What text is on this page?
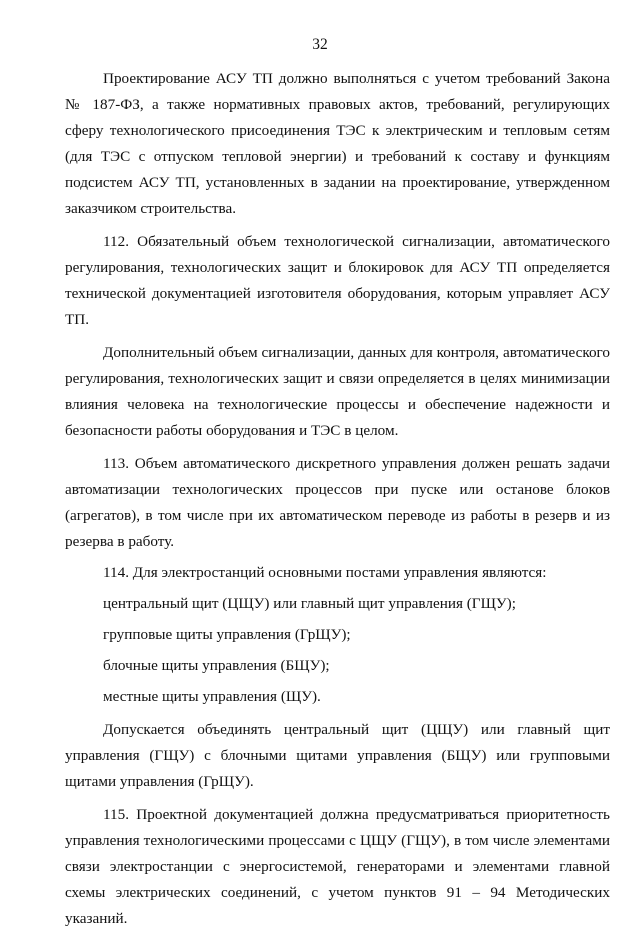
32

Проектирование АСУ ТП должно выполняться с учетом требований Закона № 187-ФЗ, а также нормативных правовых актов, требований, регулирующих сферу технологического присоединения ТЭС к электрическим и тепловым сетям (для ТЭС с отпуском тепловой энергии) и требований к составу и функциям подсистем АСУ ТП, установленных в задании на проектирование, утвержденном заказчиком строительства.

112. Обязательный объем технологической сигнализации, автоматического регулирования, технологических защит и блокировок для АСУ ТП определяется технической документацией изготовителя оборудования, которым управляет АСУ ТП.

Дополнительный объем сигнализации, данных для контроля, автоматического регулирования, технологических защит и связи определяется в целях минимизации влияния человека на технологические процессы и обеспечение надежности и безопасности работы оборудования и ТЭС в целом.

113. Объем автоматического дискретного управления должен решать задачи автоматизации технологических процессов при пуске или останове блоков (агрегатов), в том числе при их автоматическом переводе из работы в резерв и из резерва в работу.

114. Для электростанций основными постами управления являются:

центральный щит (ЦЩУ) или главный щит управления (ГЩУ);

групповые щиты управления (ГрЩУ);

блочные щиты управления (БЩУ);

местные щиты управления (ЩУ).

Допускается объединять центральный щит (ЦЩУ) или главный щит управления (ГЩУ) с блочными щитами управления (БЩУ) или групповыми щитами управления (ГрЩУ).

115. Проектной документацией должна предусматриваться приоритетность управления технологическими процессами с ЦЩУ (ГЩУ), в том числе элементами связи электростанции с энергосистемой, генераторами и элементами главной схемы электрических соединений, с учетом пунктов 91 – 94 Методических указаний.
